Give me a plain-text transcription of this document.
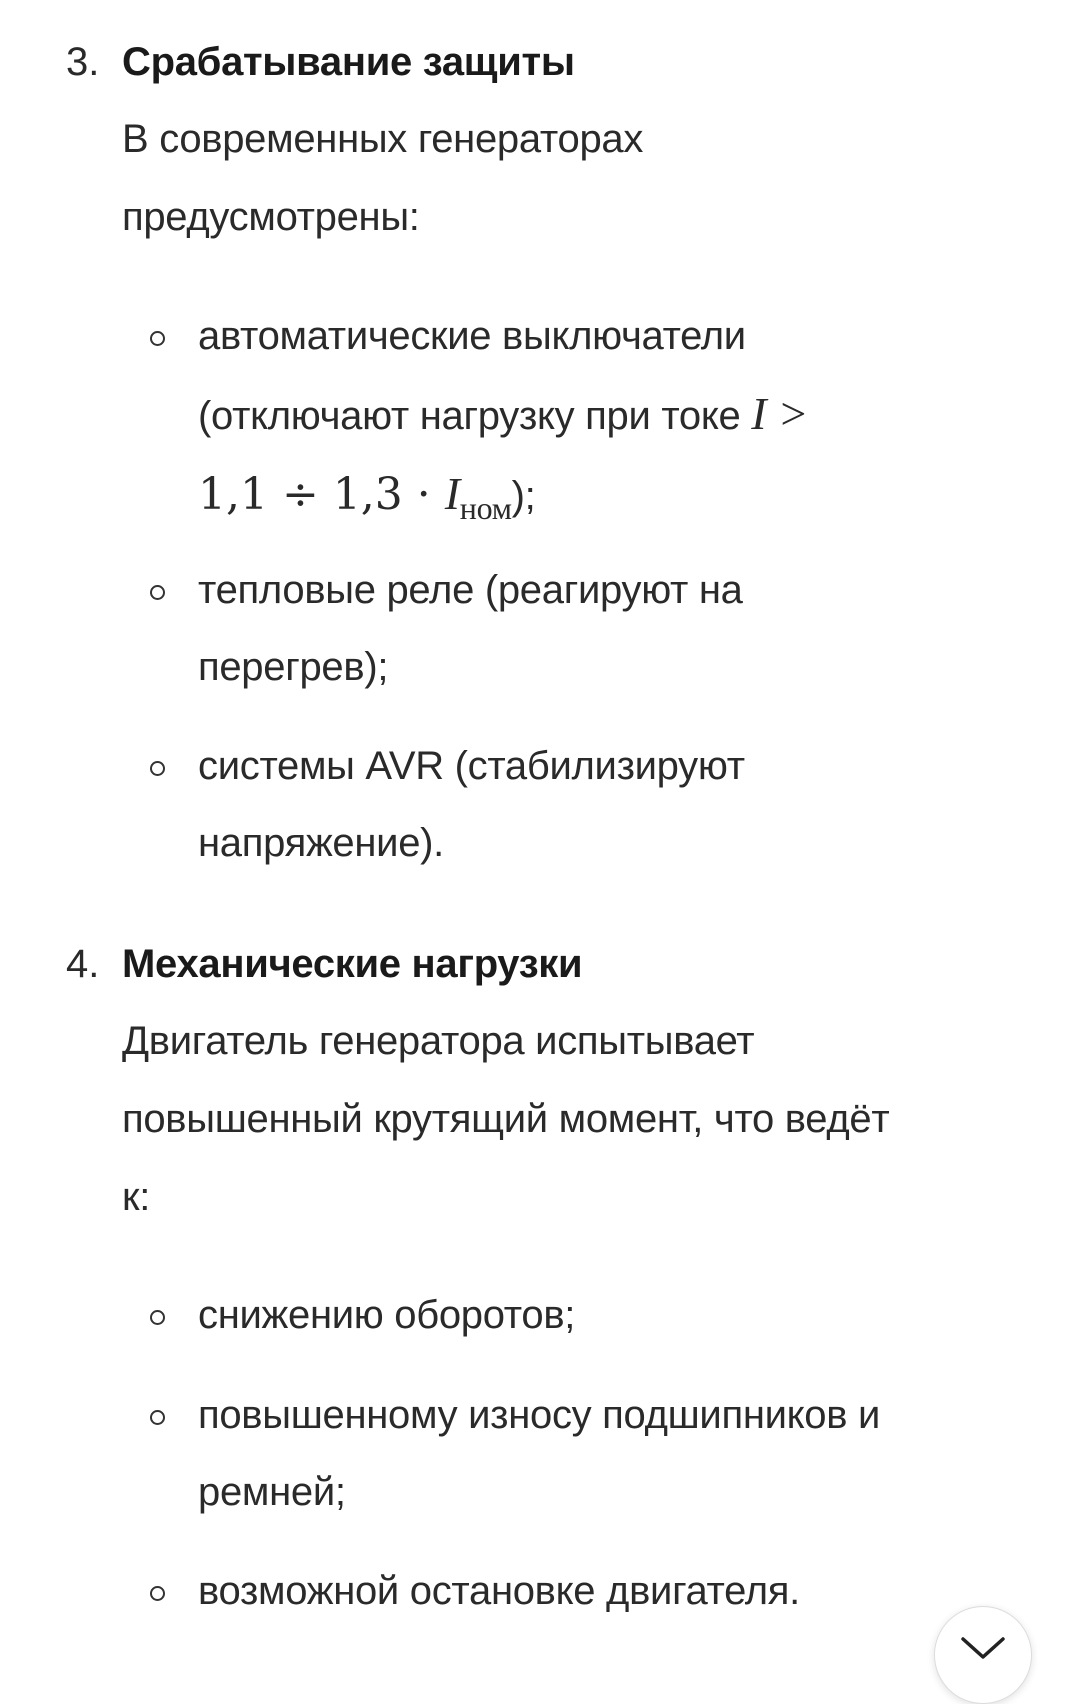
3. Срабатывание защиты
В современных генераторах
предусмотрены:
автоматические выключатели
(отключают нагрузку при токе I >
$1,1 \div 1,3 \cdot I_{ном}$);
тепловые реле (реагируют на
перегрев);
системы AVR (стабилизируют
напряжение).
4. Механические нагрузки
Двигатель генератора испытывает
повышенный крутящий момент, что ведёт
к:
снижению оборотов;
повышенному износу подшипников и
ремней;
возможной остановке двигателя.
